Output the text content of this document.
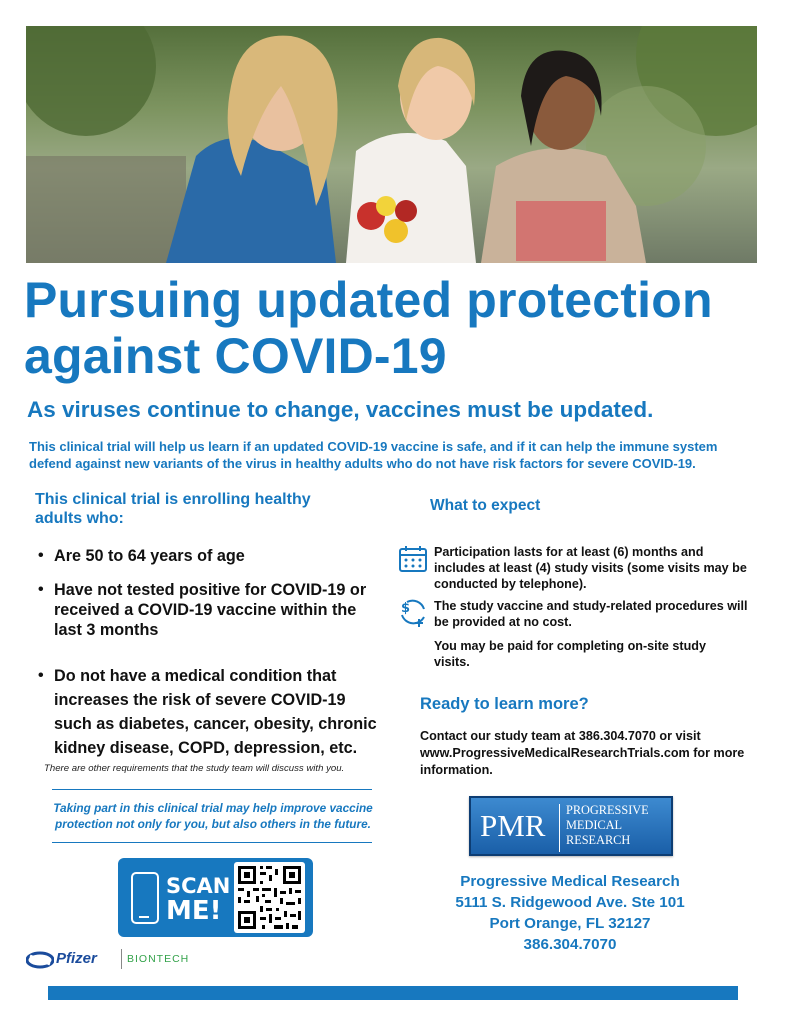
Pursuing updated protection
against COVID-19
As viruses continue to change, vaccines must be updated.
This clinical trial will help us learn if an updated COVID-19 vaccine is safe, and if it can help the immune system defend against new variants of the virus in healthy adults who do not have risk factors for severe COVID-19.
This clinical trial is enrolling healthy
adults who:
• Are 50 to 64 years of age
• Have not tested positive for COVID-19 or received a COVID-19 vaccine within the last 3 months
• Do not have a medical condition that increases the risk of severe COVID-19 such as diabetes, cancer, obesity, chronic kidney disease, COPD, depression, etc.
There are other requirements that the study team will discuss with you.
Taking part in this clinical trial may help improve vaccine protection not only for you, but also others in the future.
SCAN
ME!
Pfizer	BIONTECH
What to expect
Participation lasts for at least (6) months and includes at least (4) study visits (some visits may be conducted by telephone).
$ The study vaccine and study-related procedures will be provided at no cost.
You may be paid for completing on-site study visits.
Ready to learn more?
Contact our study team at 386.304.7070 or visit www.ProgressiveMedicalResearchTrials.com for more information.
PMR PROGRESSIVE
MEDICAL
RESEARCH
Progressive Medical Research
5111 S. Ridgewood Ave. Ste 101
Port Orange, FL 32127
386.304.7070
